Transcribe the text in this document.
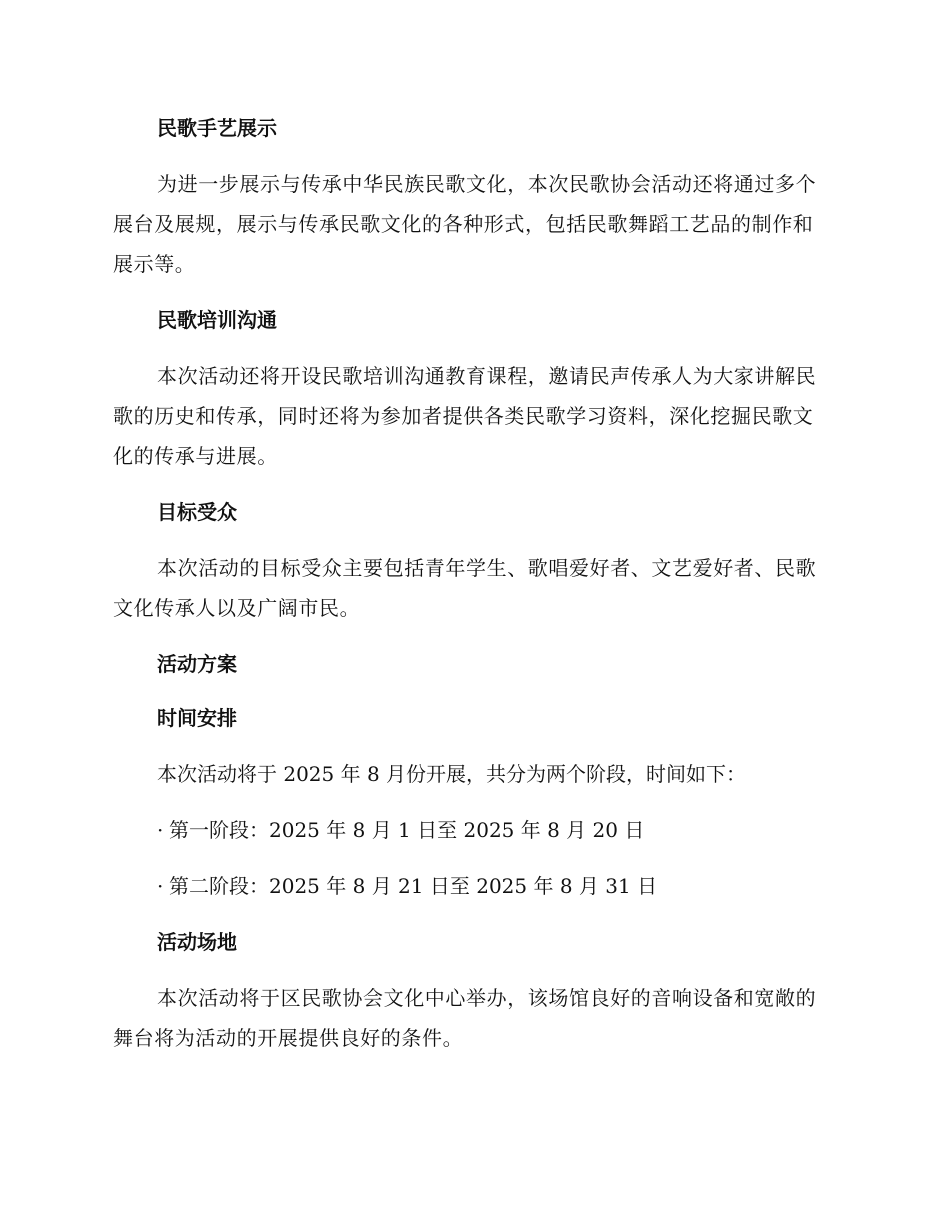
民歌手艺展示

为进一步展示与传承中华民族民歌文化，本次民歌协会活动还将通过多个展台及展规，展示与传承民歌文化的各种形式，包括民歌舞蹈工艺品的制作和展示等。

民歌培训沟通

本次活动还将开设民歌培训沟通教育课程，邀请民声传承人为大家讲解民歌的历史和传承，同时还将为参加者提供各类民歌学习资料，深化挖掘民歌文化的传承与进展。

目标受众

本次活动的目标受众主要包括青年学生、歌唱爱好者、文艺爱好者、民歌文化传承人以及广阔市民。

活动方案
时间安排

本次活动将于 2025 年 8 月份开展，共分为两个阶段，时间如下：

· 第一阶段：2025 年 8 月 1 日至 2025 年 8 月 20 日

· 第二阶段：2025 年 8 月 21 日至 2025 年 8 月 31 日

活动场地

本次活动将于区民歌协会文化中心举办，该场馆良好的音响设备和宽敞的舞台将为活动的开展提供良好的条件。
